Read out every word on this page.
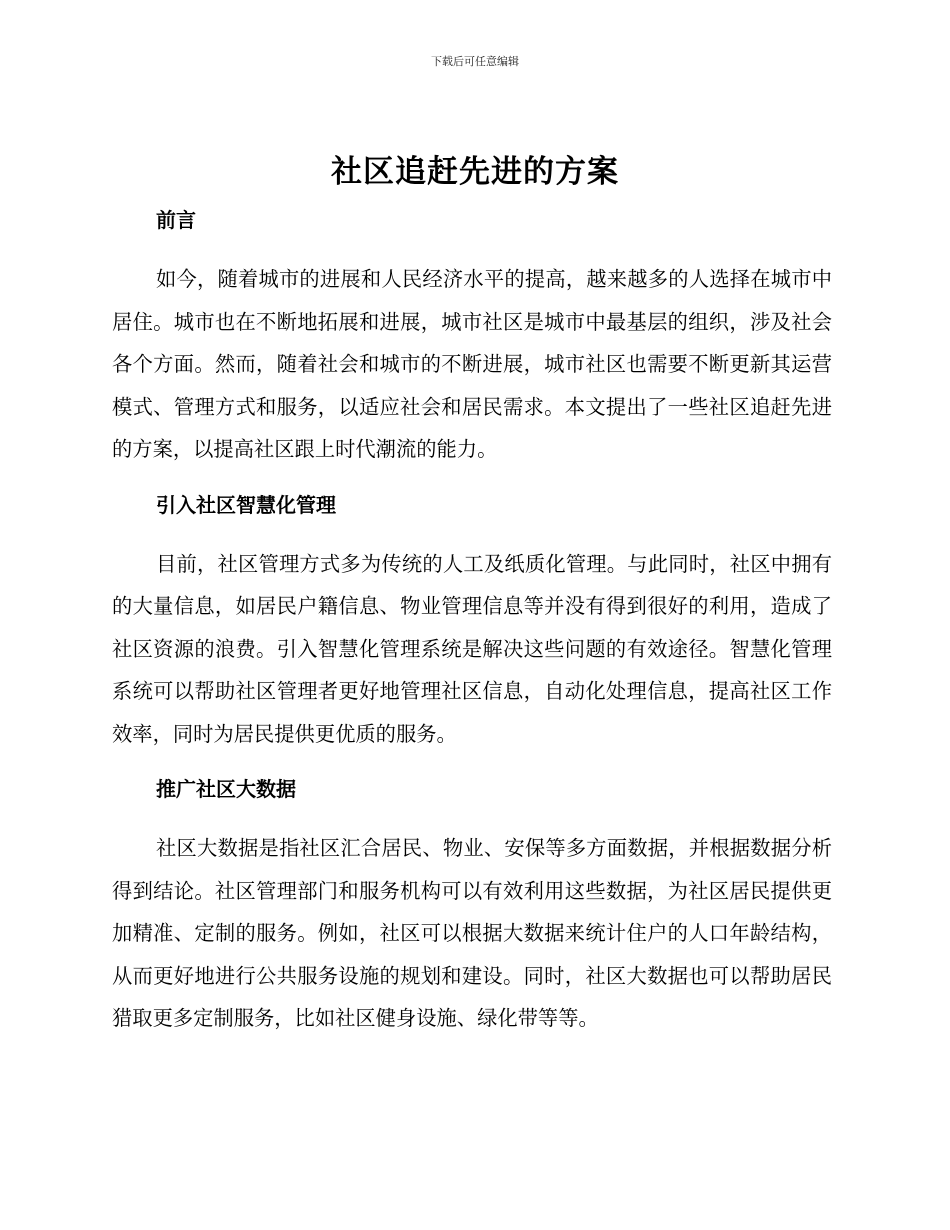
下载后可任意编辑
社区追赶先进的方案
前言

如今，随着城市的进展和人民经济水平的提高，越来越多的人选择在城市中居住。城市也在不断地拓展和进展，城市社区是城市中最基层的组织，涉及社会各个方面。然而，随着社会和城市的不断进展，城市社区也需要不断更新其运营模式、管理方式和服务，以适应社会和居民需求。本文提出了一些社区追赶先进的方案，以提高社区跟上时代潮流的能力。

引入社区智慧化管理

目前，社区管理方式多为传统的人工及纸质化管理。与此同时，社区中拥有的大量信息，如居民户籍信息、物业管理信息等并没有得到很好的利用，造成了社区资源的浪费。引入智慧化管理系统是解决这些问题的有效途径。智慧化管理系统可以帮助社区管理者更好地管理社区信息，自动化处理信息，提高社区工作效率，同时为居民提供更优质的服务。

推广社区大数据

社区大数据是指社区汇合居民、物业、安保等多方面数据，并根据数据分析得到结论。社区管理部门和服务机构可以有效利用这些数据，为社区居民提供更加精准、定制的服务。例如，社区可以根据大数据来统计住户的人口年龄结构，从而更好地进行公共服务设施的规划和建设。同时，社区大数据也可以帮助居民猎取更多定制服务，比如社区健身设施、绿化带等等。
